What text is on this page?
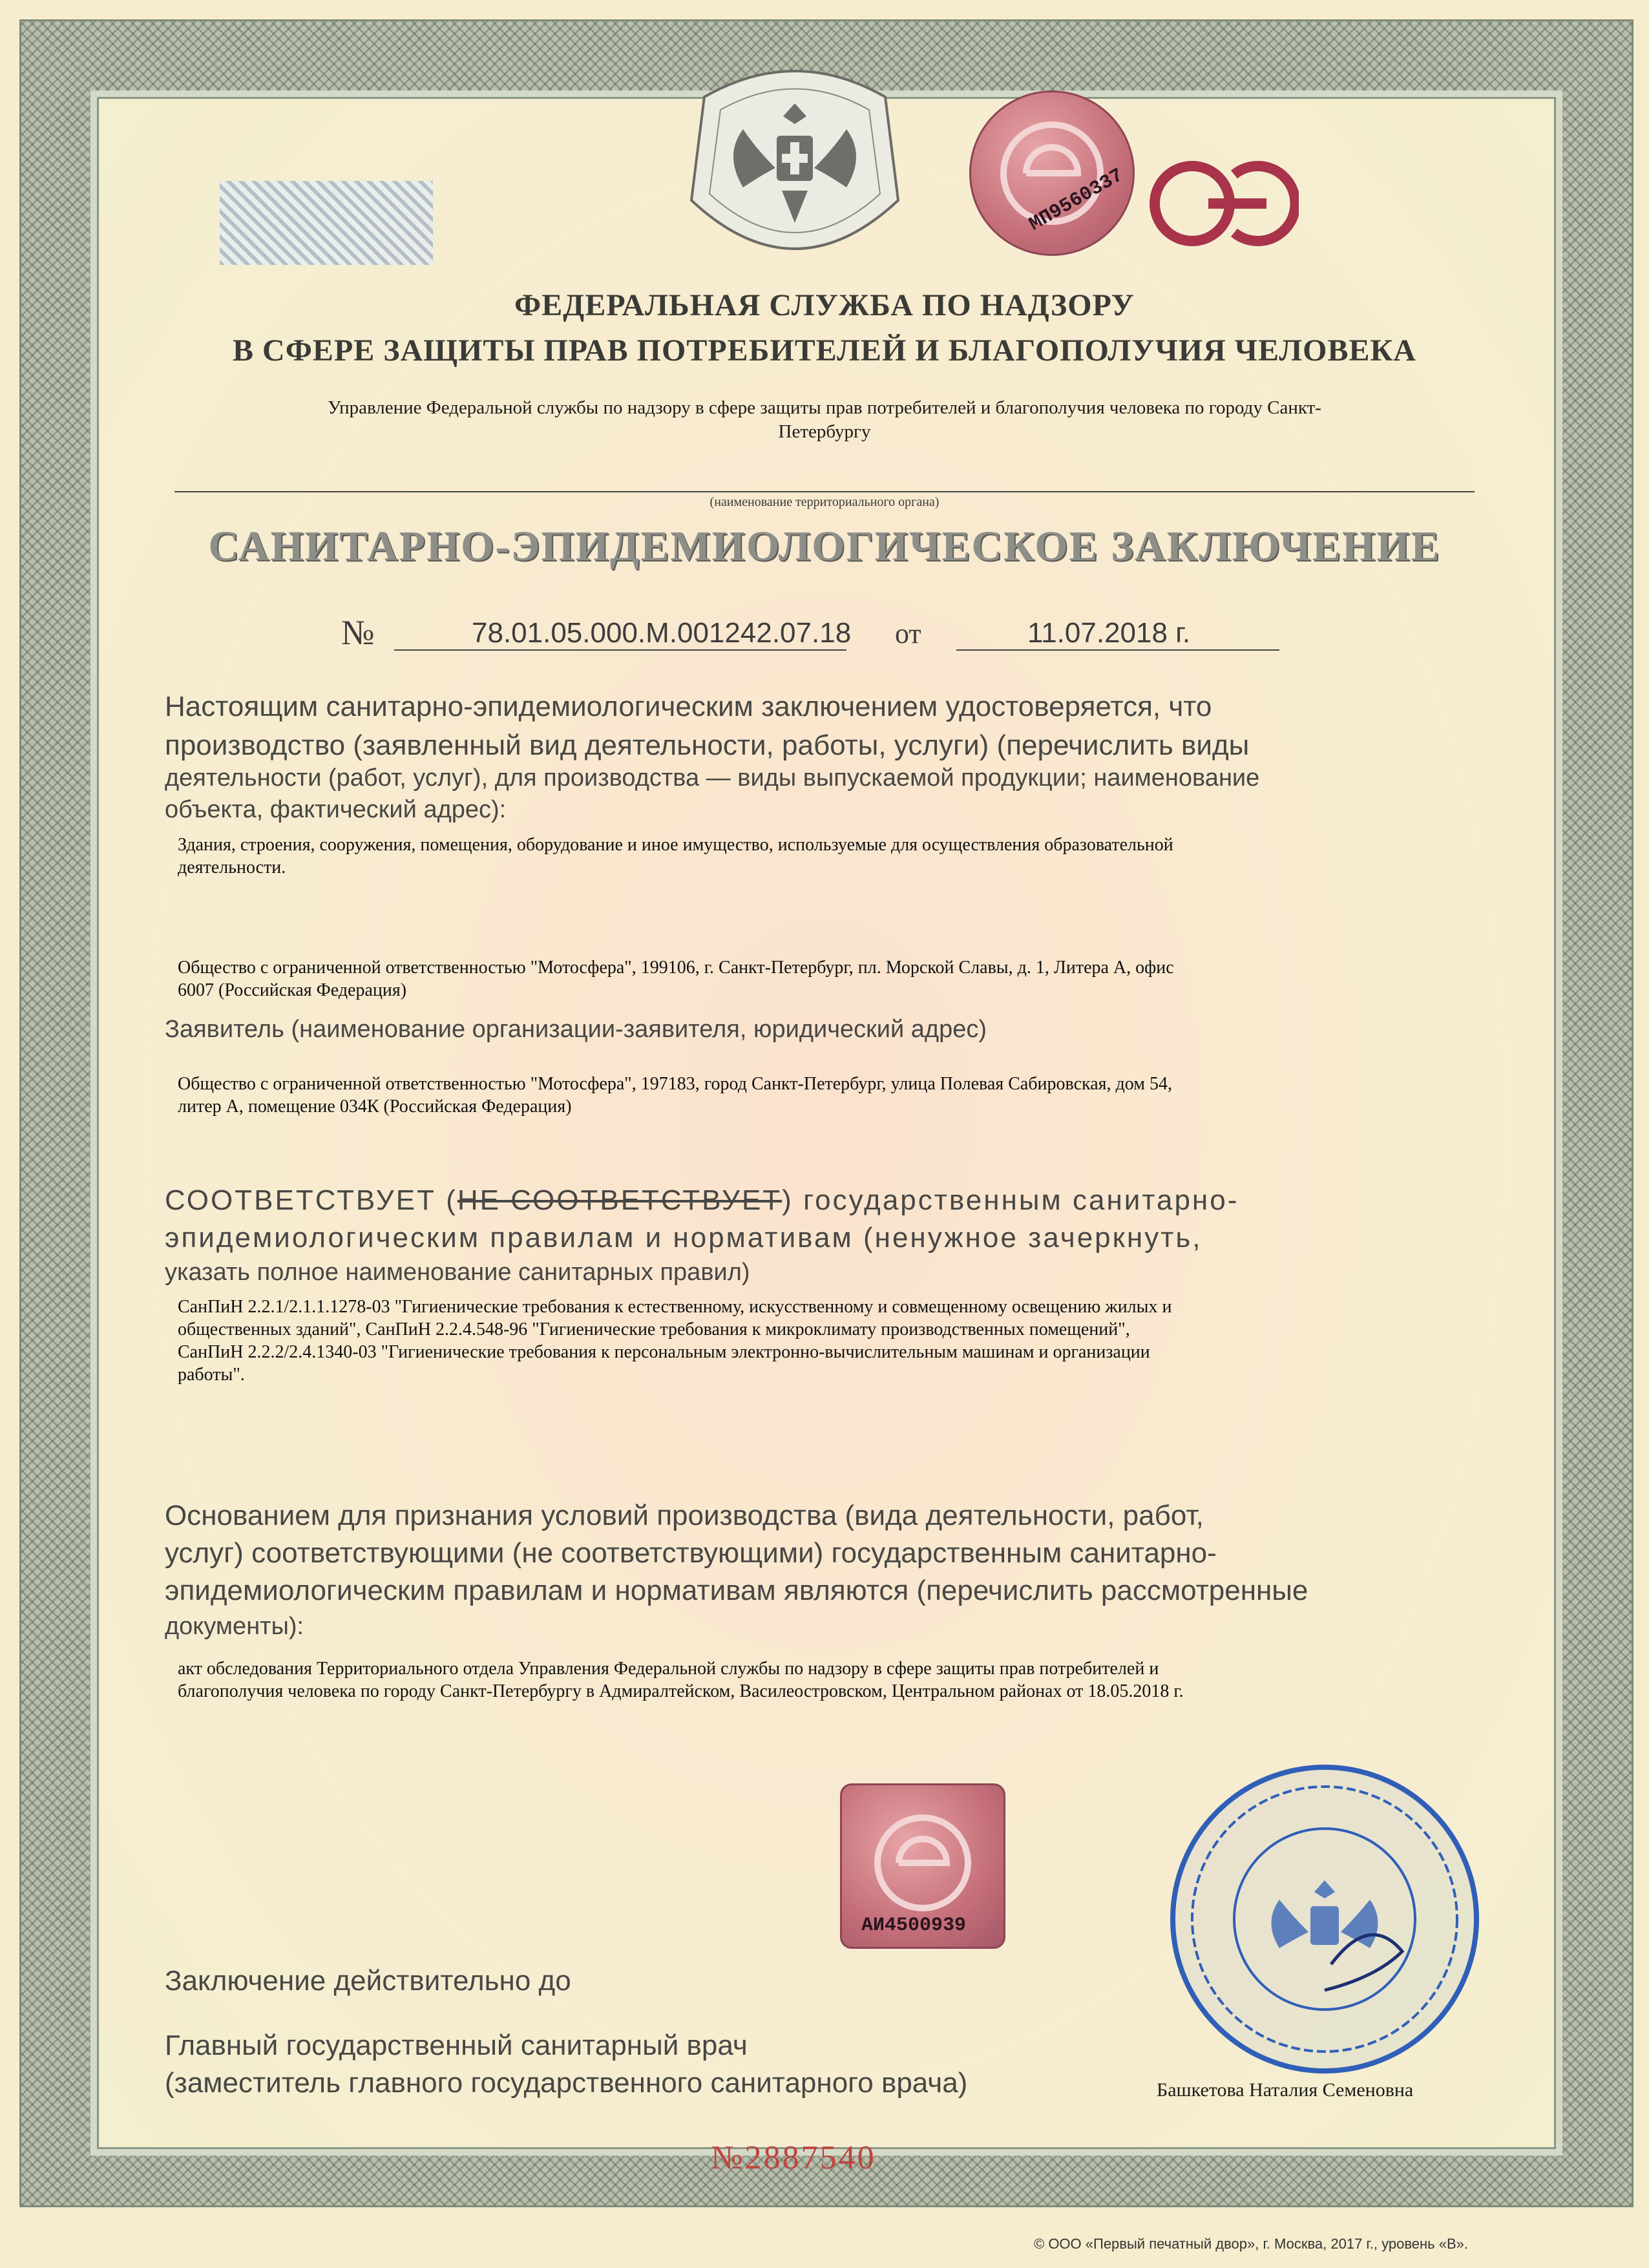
МП9560337
ФЕДЕРАЛЬНАЯ СЛУЖБА ПО НАДЗОРУ
В СФЕРЕ ЗАЩИТЫ ПРАВ ПОТРЕБИТЕЛЕЙ И БЛАГОПОЛУЧИЯ ЧЕЛОВЕКА
Управление Федеральной службы по надзору в сфере защиты прав потребителей и благополучия человека по городу Санкт-
Петербургу
(наименование территориального органа)
САНИТАРНО-ЭПИДЕМИОЛОГИЧЕСКОЕ ЗАКЛЮЧЕНИЕ
№	78.01.05.000.М.001242.07.18 от	11.07.2018 г.
Настоящим санитарно-эпидемиологическим заключением удостоверяется, что
производство (заявленный вид деятельности, работы, услуги) (перечислить виды
деятельности (работ, услуг), для производства — виды выпускаемой продукции; наименование
объекта, фактический адрес):
Здания, строения, сооружения, помещения, оборудование и иное имущество, используемые для осуществления образовательной
деятельности.
Общество с ограниченной ответственностью "Мотосфера", 199106, г. Санкт-Петербург, пл. Морской Славы, д. 1, Литера А, офис
6007 (Российская Федерация)
Заявитель (наименование организации-заявителя, юридический адрес)
Общество с ограниченной ответственностью "Мотосфера", 197183, город Санкт-Петербург, улица Полевая Сабировская, дом 54,
литер А, помещение 034К (Российская Федерация)
СООТВЕТСТВУЕТ (НЕ СООТВЕТСТВУЕТ) государственным санитарно-
эпидемиологическим правилам и нормативам (ненужное зачеркнуть,
указать полное наименование санитарных правил)
СанПиН 2.2.1/2.1.1.1278-03 "Гигиенические требования к естественному, искусственному и совмещенному освещению жилых и
общественных зданий", СанПиН 2.2.4.548-96 "Гигиенические требования к микроклимату производственных помещений",
СанПиН 2.2.2/2.4.1340-03 "Гигиенические требования к персональным электронно-вычислительным машинам и организации
работы".
Основанием для признания условий производства (вида деятельности, работ,
услуг) соответствующими (не соответствующими) государственным санитарно-
эпидемиологическим правилам и нормативам являются (перечислить рассмотренные
документы):
акт обследования Территориального отдела Управления Федеральной службы по надзору в сфере защиты прав потребителей и
благополучия человека по городу Санкт-Петербургу в Адмиралтейском, Василеостровском, Центральном районах от 18.05.2018 г.
АИ4500939
Заключение действительно до
Главный государственный санитарный врач
(заместитель главного государственного санитарного врача)	Башкетова Наталия Семеновна
№2887540
© ООО «Первый печатный двор», г. Москва, 2017 г., уровень «В».
